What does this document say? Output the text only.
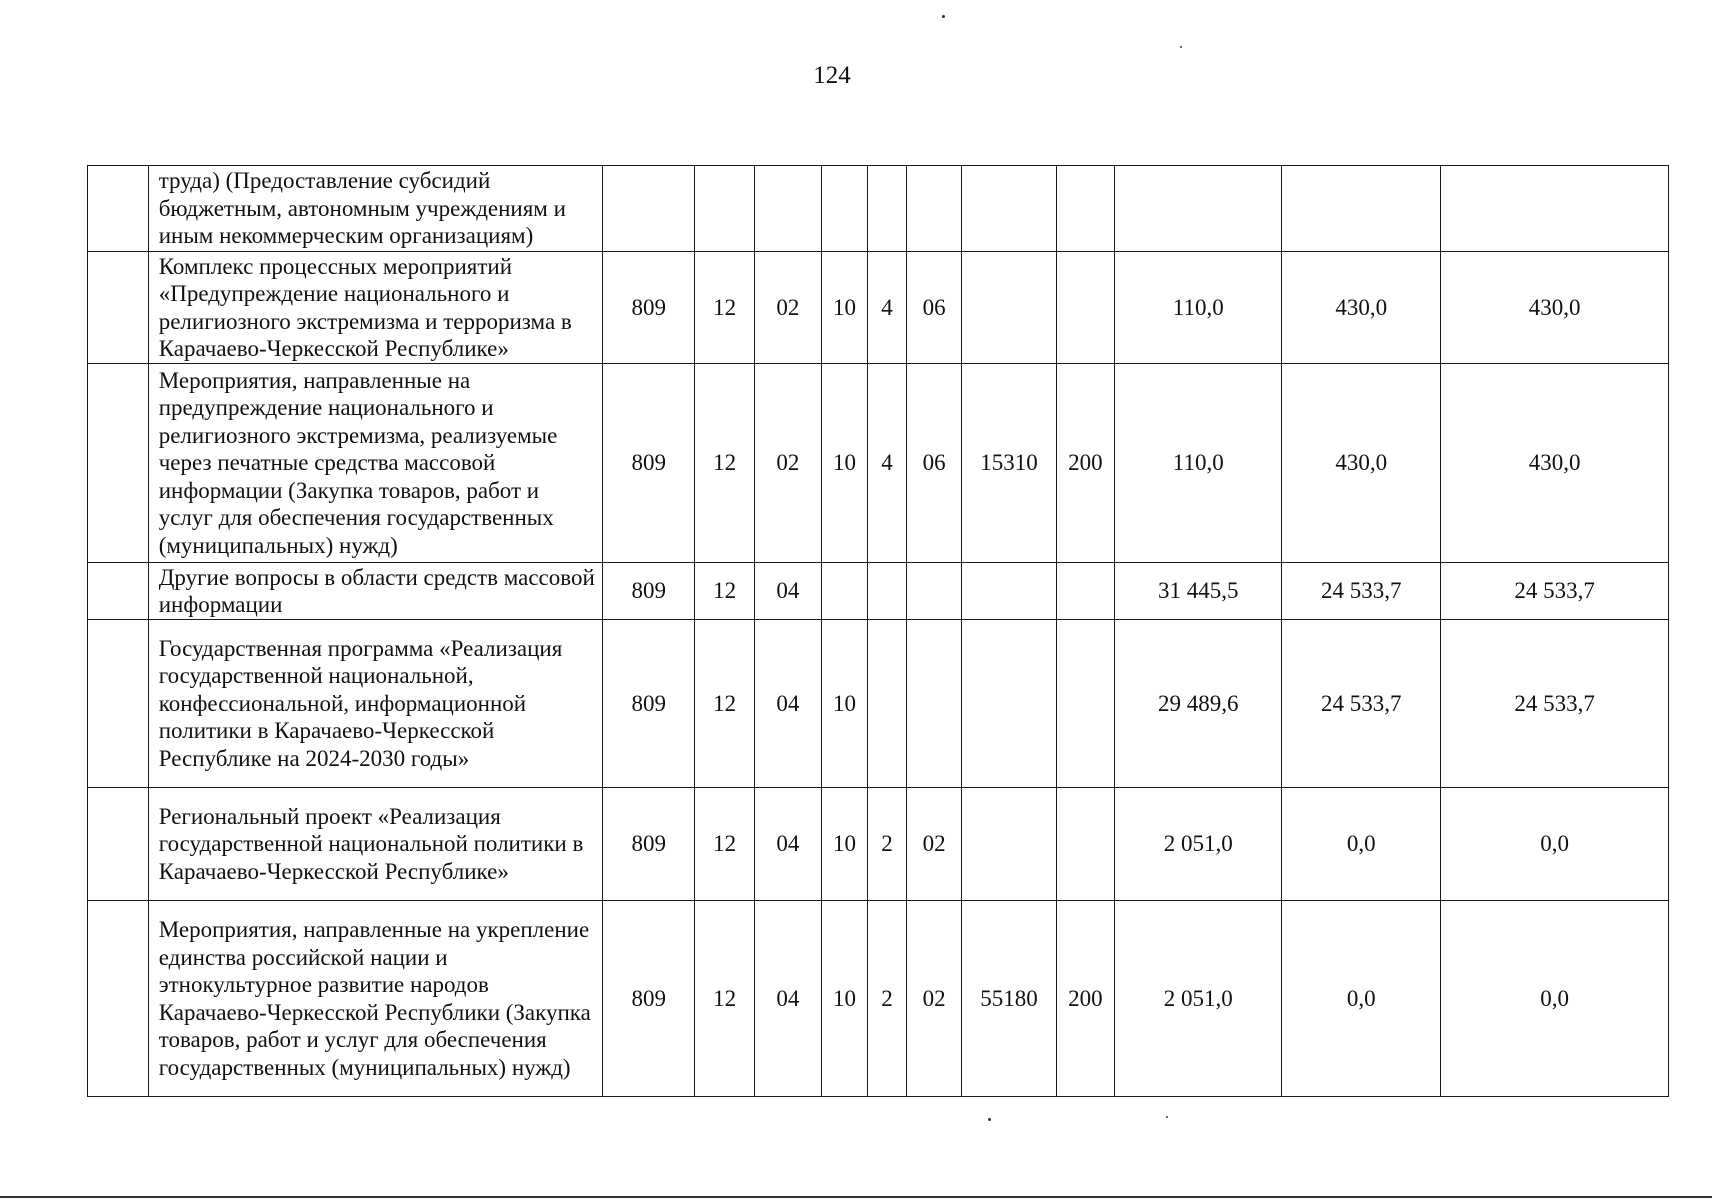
124
	труда) (Предоставление субсидий бюджетным, автономным учреждениям и иным некоммерческим организациям)											
	Комплекс процессных мероприятий «Предупреждение национального и религиозного экстремизма и терроризма в Карачаево-Черкесской Республике»	809	12	02	10	4	06			110,0	430,0	430,0
	Мероприятия, направленные на предупреждение национального и религиозного экстремизма, реализуемые через печатные средства массовой информации (Закупка товаров, работ и услуг для обеспечения государственных (муниципальных) нужд)	809	12	02	10	4	06	15310	200	110,0	430,0	430,0
	Другие вопросы в области средств массовой информации	809	12	04						31 445,5	24 533,7	24 533,7
	Государственная программа «Реализация государственной национальной, конфессиональной, информационной политики в Карачаево-Черкесской Республике на 2024-2030 годы»	809	12	04	10					29 489,6	24 533,7	24 533,7
	Региональный проект «Реализация государственной национальной политики в Карачаево-Черкесской Республике»	809	12	04	10	2	02			2 051,0	0,0	0,0
	Мероприятия, направленные на укрепление единства российской нации и этнокультурное развитие народов Карачаево-Черкесской Республики (Закупка товаров, работ и услуг для обеспечения государственных (муниципальных) нужд)	809	12	04	10	2	02	55180	200	2 051,0	0,0	0,0
